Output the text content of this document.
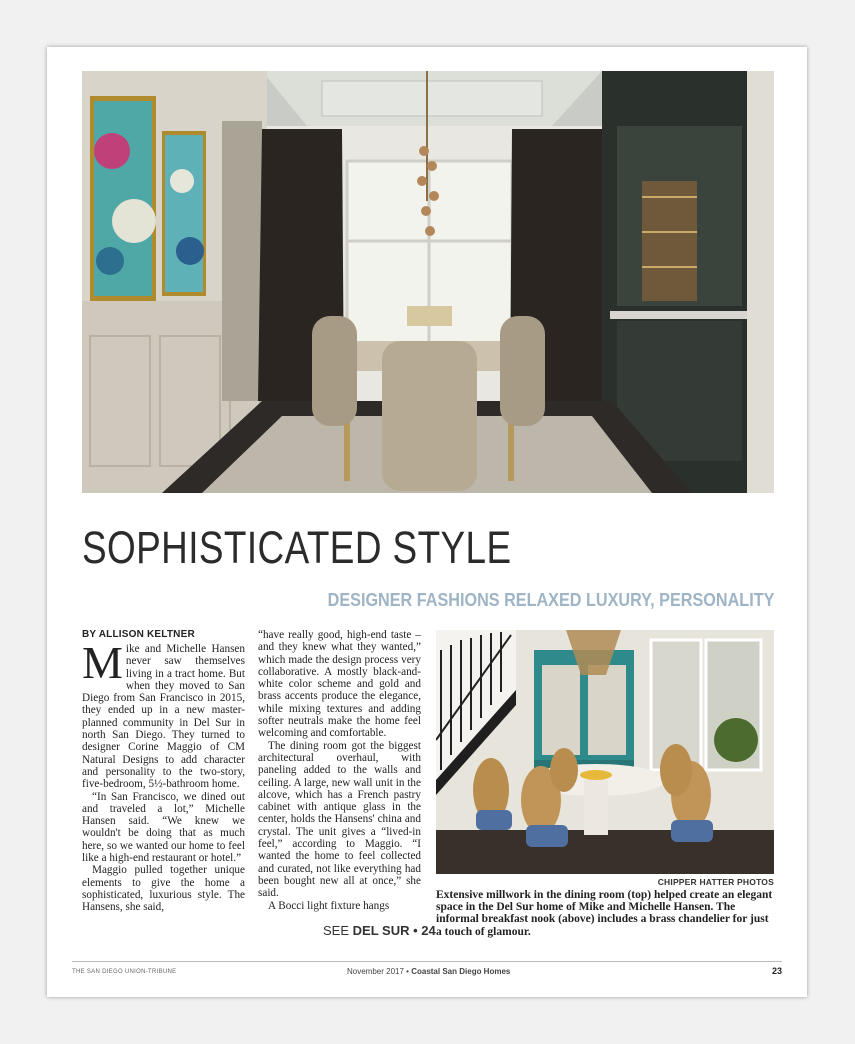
SOPHISTICATED STYLE
DESIGNER FASHIONS RELAXED LUXURY, PERSONALITY
BY ALLISON KELTNER

Mike and Michelle Hansen never saw themselves living in a tract home. But when they moved to San Diego from San Francisco in 2015, they ended up in a new master-planned community in Del Sur in north San Diego. They turned to designer Corine Maggio of CM Natural Designs to add character and personality to the two-story, five-bedroom, 5½-bathroom home.

“In San Francisco, we dined out and traveled a lot,” Michelle Hansen said. “We knew we wouldn't be doing that as much here, so we wanted our home to feel like a high-end restaurant or hotel.”

Maggio pulled together unique elements to give the home a sophisticated, luxurious style. The Hansens, she said,

“have really good, high-end taste – and they knew what they wanted,” which made the design process very collaborative. A mostly black-and-white color scheme and gold and brass accents produce the elegance, while mixing textures and adding softer neutrals make the home feel welcoming and comfortable.

The dining room got the biggest architectural overhaul, with paneling added to the walls and ceiling. A large, new wall unit in the alcove, which has a French pastry cabinet with antique glass in the center, holds the Hansens' china and crystal. The unit gives a “lived-in feel,” according to Maggio. “I wanted the home to feel collected and curated, not like everything had been bought new all at once,” she said.

A Bocci light fixture hangs

SEE DEL SUR • 24
CHIPPER HATTER PHOTOS
Extensive millwork in the dining room (top) helped create an elegant space in the Del Sur home of Mike and Michelle Hansen. The informal breakfast nook (above) includes a brass chandelier for just a touch of glamour.
THE SAN DIEGO UNION-TRIBUNE	November 2017 • Coastal San Diego Homes	23
